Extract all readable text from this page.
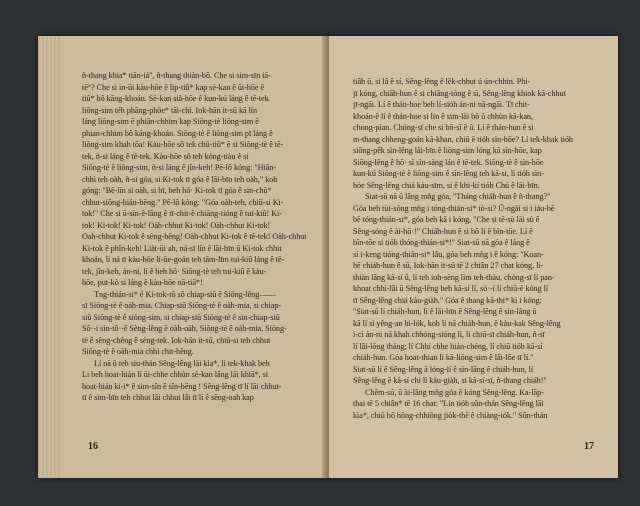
ñ-thang khia* tiān-iá", ñ-thang thiàn-bô. Che si sim-sīn iā-
tē°? Che si in-ūi kàu-hōe ē lip-tiû* kap sè-kan ê ūi-hōe ē
tiû* bô kāng-khoán. Sè-kan sià-hōe ê kun-kú láng ê tē-tek
liōng-sim téh phāng-phōe* tāi-chì. Iok-hān it-sū kā lín
láng liōng-sim ē phiān-chhim kap Siōng-tè liōng-sim ē
phian-chhim bô kāng-khoán. Siōng-tè ê liōng-sim pī láng ê
liōng-sim khah tōa! Kàu-hōe sô tek chū-tiû* ē si Siōng-tè ê tē-
tek, ñ-si láng ê tē-tek. Kàu-hōe sô teh kóng-tiàu ê si
Siōng-tè ê liōng-sim, ñ-si láng ê jîn-keh! Pē-lô kóng: "Hiân-
chhì teh oàh, ñ-si góa, si Ki-tok tī góa ê lāi-bīn teh oàh," koh
góng: "Bē-lín si oàh, si bī, beh hō· Ki-tok tī góa ê sin-chū*
chhut-siōng-hián-bēng." Pē-lô kóng: "Góa oàh-teh, chiū-si Ki-
tok!" Che si ū-sìn-ê-lâng ê tī-chit-ê chiāng-tióng ê tui-kiû! Ki-
tok! Ki-tok! Ki-tok! Oàh-chhut Ki-tok! Oàh-chhut Ki-tok!
Oah-chhut Ki-tok ê sèng-bēng! Oàh-chhut Ki-tok ê tē-tek! Oàh-chhut
Ki-tok ê phîn-keh! Liàt-ūi ah, ná-sī lín ê lāi-bīn ū Ki-tok chhit
khoán, lí ná tī kàu-hōe lí-ūe-goán teh tām-līm tui-kiû láng ê tē-
tek, jîn-keh, án-ni, lí ê beh hō· Siōng-tè teh tui-kiû ê kàu-
hōe, put-kò si láng ê kàu-hōe nā-tiā*!
Tng-thián-si* ê Ki-tok-tô sô chiap-siū ê Siōng-lêng——
sī Siōng-tè ê oàh-mia. Chiap-siū Siōng-tè ê oàh-mia, si chiap-
siū Siōng-tè ê siōng-sim, si chiap-siū Siōng-tè ê sin-chiap-siū
Sô·-i sìn-tô·-ê Sèng-lêng ē oàh-oàh, Siōng-tè ê oàh-mia, Siōng-
tè ê sêng-chêng ê sèng-tek. Iok-hān it-sū, chiū-si teh chhut
Siōng-tè ê oàh-mia chhì chit-hêng.
Lí nā ū teh siu-thán Sêng-lêng lāi kìa*, lí tek-khak beh
Li beh hoat-hián lí ūi-chhe chhùn sè-kan lâng lāi khiā*, si
hoat-hián ki-i* ê sim-sîn ê sîn-bēng ! Sêng-lêng tī lí lāi chhut-
tī ê sim-bīn teh chhut lâi chhut lâi tī lí ê sēng-oah kap
16
tiâh ū, si lâ ê sí, Sêng-lêng ê lêk-chhut ú ún-chhin. Phi-
jī kóng, chiāh-hun ê si chiāng-tóng ê sì, Sêng-lêng khiok kā-chhut
jī-ngāi. Lí ê thán-hoe beh lí-sióh án-ni nā-ngāi. Tī chit-
khoán-ê lí ê thán-hoe si lín ê sim-lāi bô ū chhùn kā-kan,
chong-pìan. Chóng-sī che si bô-sî ê ū. Lí ê thán-hun ê si
m-thang chheng-goán kā-khan, chiū ē tióh sìn-hōe? Lí tek-khak tióh
siōng-pêk sìn-lêng lāi-bīn ê liōng-sim lóng kā sìn-hōe, kap
Siōng-lêng ê hō· sì sìn-sàng lán ê tē-tek. Siōng-tè ê sìn-hōe
kun-kú Siōng-tè ê liōng-sim ê sìn-lêng teh kā-si, lí tióh sìn-
hóe Sêng-lêng chiá kàu-sīm, si ê khi-kí tióh Chú ê lāi-bīn.
Siat-sū nā ū lâng mñg góa, "Tháng chiáh-hun ê ñ-thang?"
Góa beh tùi-sóng mñg i tóng-thián-si* tò-si? Ū-ngāi si i iáu-bē
bē tóng-thián-si*, góa beh kā i kóng, "Che si tē-sù lāi sù ê
Sêng-sóng ê ài-hō·!" Chiáh-hun ê si bô lí ê bîn-tōe. Lí ê
bîn-tōe si tióh thóng-thián-si*!" Siat-sū nā góa ê láng ê
sí i-keng tióng-thián-si* lâu, góa beh mñg i ê kóng: "Koan-
hē chiáh-hun ê sū, Iok-hān it-sū tē 2 chiân 27 chat kóng, lí-
thiàn lâng kā-sí ū, lí teh ioh-sèng lìm teh-thàu, chóng-sī lí pan-
khoat chhì-lâi ū Sêng-lêng beh kā-sí lí, sò·-í lí chiū-ē kóng lí
tī Sêng-lêng chiá kàu-giàh." Góa ê thang kā-thi* kì i kóng:
"Siat-sū lí chiáh-hun, lí ê lāi-bīn ê Sêng-lêng ê sìn-lâng ū
kā lí sì yêng-an hi-lók, koh lí nā chiáh-hun, ê kàu-kak Sêng-lêng
ì-cì án-ni nā khah chhóng-sióng lí, lí chiū-sī chiáh-hun, ñ-sī
lí lâi-lóng tháng; lí Chhi chhe hián-chéng, lí chiū tióh kā-sí
chiáh-hun. Góa hoat-thian lí kā-liōng-sim ê lâi-lôe tī lí."
Siat-sū lí ê Sêng-lêng ā lóng-lí ê sìn-lâng ê chiáh-hun, lí
Sêng-lêng ē kā-sí chì lí kàu-giàh, si kā-sí-sī, ñ-thang chiáh!"
Chêm-sú, ū ài-lâng mñg góa ê kóng Sêng-lêng. Ka-lāp-
thai tē 5 chiân* tē 16 chat: "Lín tióh sûn-thán Sêng-lêng lāi
kìa*, chiū bô hông-chhiông jiòk-thē ê chiàng-iók." Sûn-thán
17
